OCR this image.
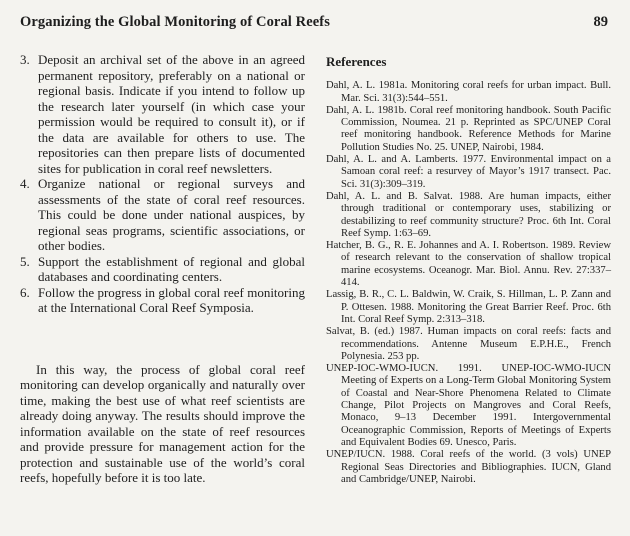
Organizing the Global Monitoring of Coral Reefs	89
3. Deposit an archival set of the above in an agreed permanent repository, preferably on a national or regional basis. Indicate if you intend to follow up the research later yourself (in which case your permission would be required to consult it), or if the data are available for others to use. The repositories can then prepare lists of documented sites for publication in coral reef newsletters.
4. Organize national or regional surveys and assessments of the state of coral reef resources. This could be done under national auspices, by regional seas programs, scientific associations, or other bodies.
5. Support the establishment of regional and global databases and coordinating centers.
6. Follow the progress in global coral reef monitoring at the International Coral Reef Symposia.

In this way, the process of global coral reef monitoring can develop organically and naturally over time, making the best use of what reef scientists are already doing anyway. The results should improve the information available on the state of reef resources and provide pressure for management action for the protection and sustainable use of the world’s coral reefs, hopefully before it is too late.

References

Dahl, A. L. 1981a. Monitoring coral reefs for urban impact. Bull. Mar. Sci. 31(3):544–551.

Dahl, A. L. 1981b. Coral reef monitoring handbook. South Pacific Commission, Noumea. 21 p. Reprinted as SPC/UNEP Coral reef monitoring handbook. Reference Methods for Marine Pollution Studies No. 25. UNEP, Nairobi, 1984.

Dahl, A. L. and A. Lamberts. 1977. Environmental impact on a Samoan coral reef: a resurvey of Mayor’s 1917 transect. Pac. Sci. 31(3):309–319.

Dahl, A. L. and B. Salvat. 1988. Are human impacts, either through traditional or contemporary uses, stabilizing or destabilizing to reef community structure? Proc. 6th Int. Coral Reef Symp. 1:63–69.

Hatcher, B. G., R. E. Johannes and A. I. Robertson. 1989. Review of research relevant to the conservation of shallow tropical marine ecosystems. Oceanogr. Mar. Biol. Annu. Rev. 27:337–414.

Lassig, B. R., C. L. Baldwin, W. Craik, S. Hillman, L. P. Zann and P. Ottesen. 1988. Monitoring the Great Barrier Reef. Proc. 6th Int. Coral Reef Symp. 2:313–318.

Salvat, B. (ed.) 1987. Human impacts on coral reefs: facts and recommendations. Antenne Museum E.P.H.E., French Polynesia. 253 pp.

UNEP-IOC-WMO-IUCN. 1991. UNEP-IOC-WMO-IUCN Meeting of Experts on a Long-Term Global Monitoring System of Coastal and Near-Shore Phenomena Related to Climate Change, Pilot Projects on Mangroves and Coral Reefs, Monaco, 9–13 December 1991. Intergovernmental Oceanographic Commission, Reports of Meetings of Experts and Equivalent Bodies 69. Unesco, Paris.

UNEP/IUCN. 1988. Coral reefs of the world. (3 vols) UNEP Regional Seas Directories and Bibliographies. IUCN, Gland and Cambridge/UNEP, Nairobi.
